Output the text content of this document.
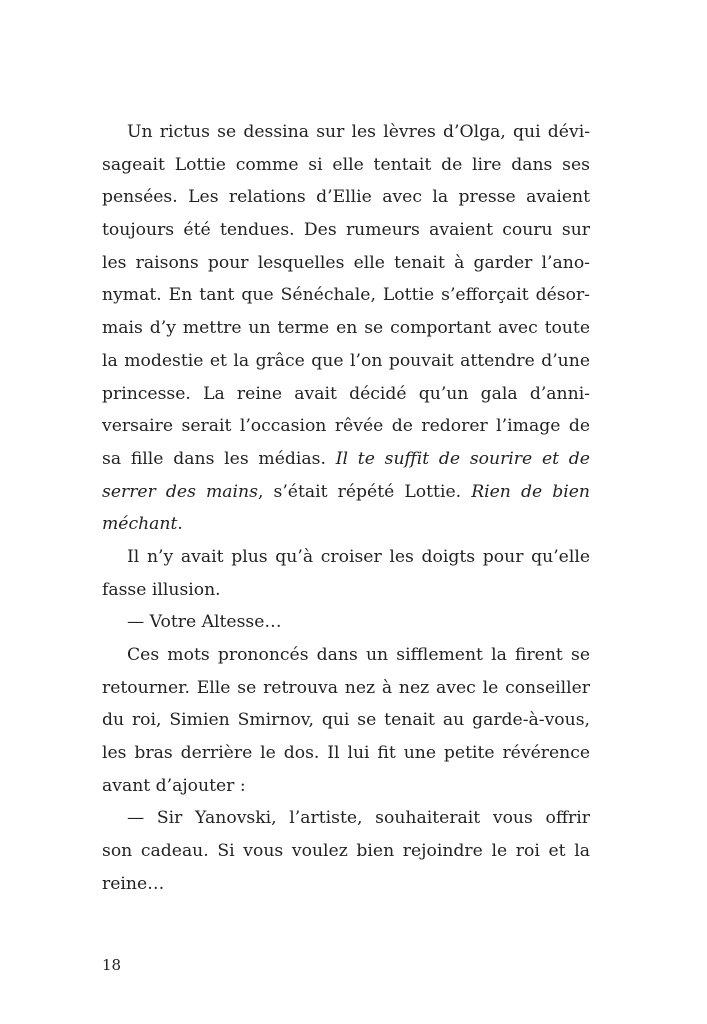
Un rictus se dessina sur les lèvres d’Olga, qui dévi-
sageait Lottie comme si elle tentait de lire dans ses
pensées. Les relations d’Ellie avec la presse avaient
toujours été tendues. Des rumeurs avaient couru sur
les raisons pour lesquelles elle tenait à garder l’ano-
nymat. En tant que Sénéchale, Lottie s’efforçait désor-
mais d’y mettre un terme en se comportant avec toute
la modestie et la grâce que l’on pouvait attendre d’une
princesse. La reine avait décidé qu’un gala d’anni-
versaire serait l’occasion rêvée de redorer l’image de
sa fille dans les médias. Il te suffit de sourire et de
serrer des mains, s’était répété Lottie. Rien de bien
méchant.
Il n’y avait plus qu’à croiser les doigts pour qu’elle
fasse illusion.
— Votre Altesse…
Ces mots prononcés dans un sifflement la firent se
retourner. Elle se retrouva nez à nez avec le conseiller
du roi, Simien Smirnov, qui se tenait au garde-à-vous,
les bras derrière le dos. Il lui fit une petite révérence
avant d’ajouter :
— Sir Yanovski, l’artiste, souhaiterait vous offrir
son cadeau. Si vous voulez bien rejoindre le roi et la
reine…
18
